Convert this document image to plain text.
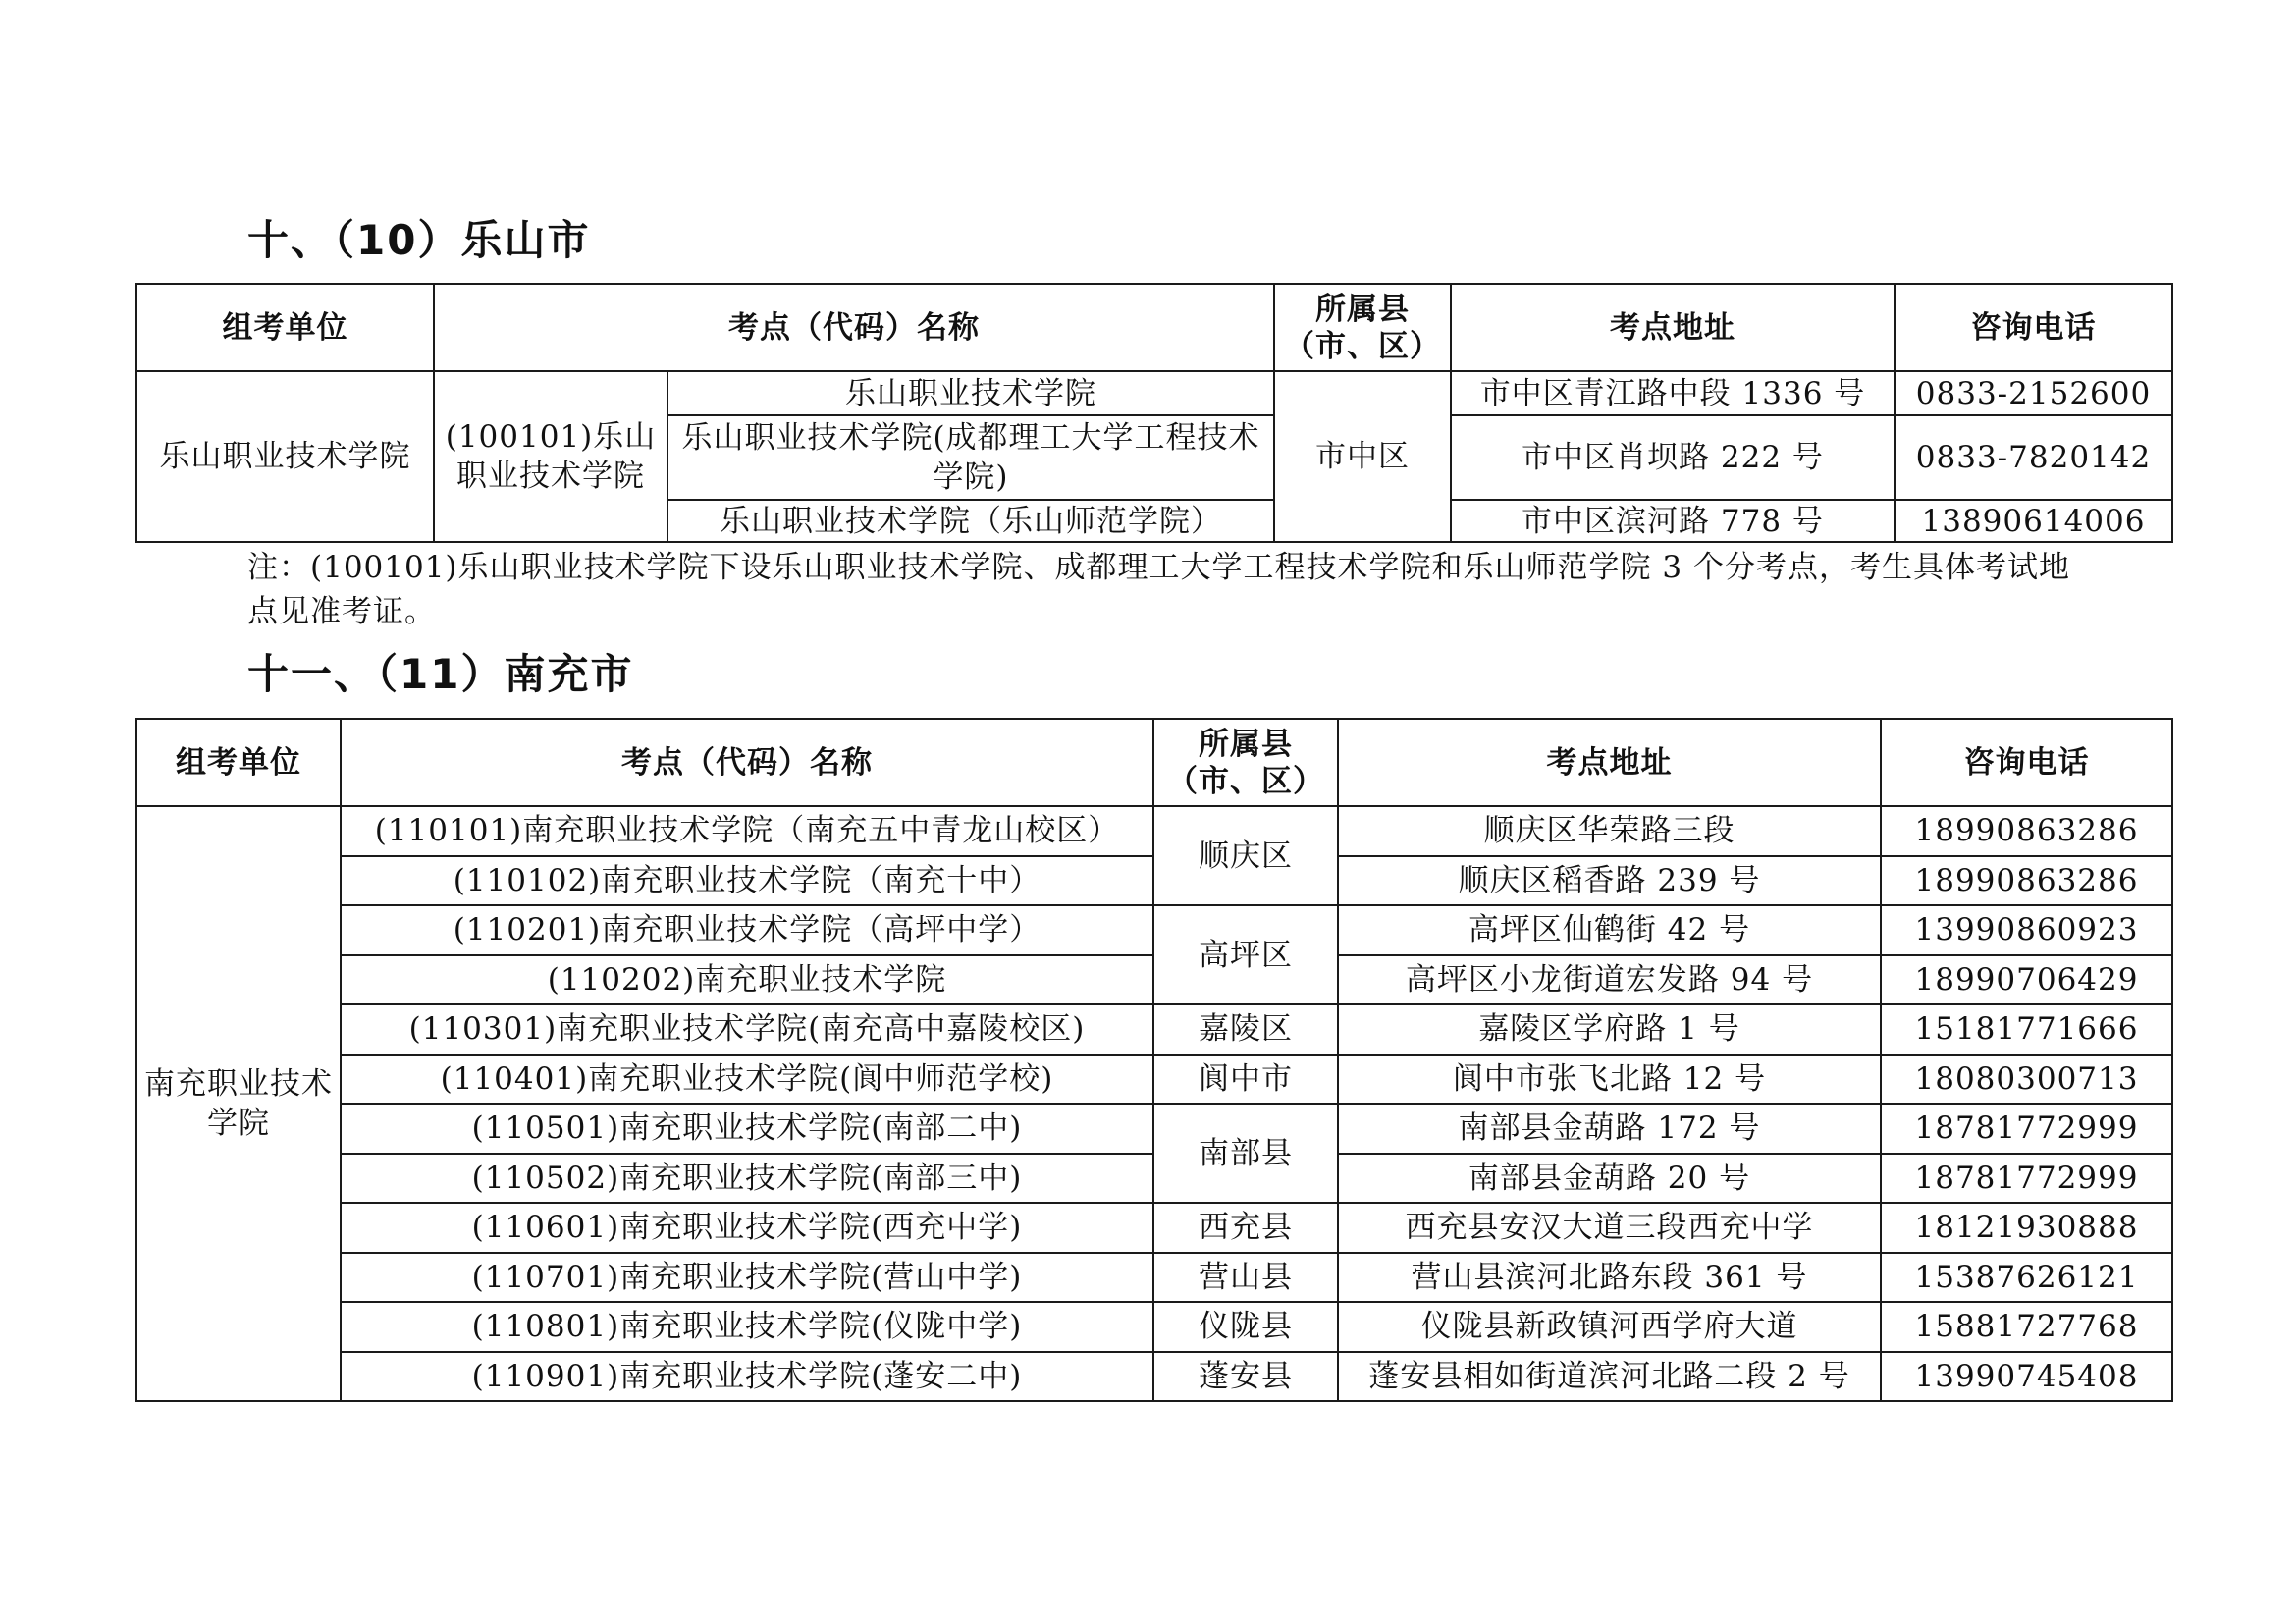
十、（10）乐山市
组考单位	考点（代码）名称		所属县（市、区）	考点地址	咨询电话
乐山职业技术学院	(100101)乐山职业技术学院	乐山职业技术学院	市中区	市中区青江路中段 1336 号	0833-2152600
		乐山职业技术学院(成都理工大学工程技术学院)		市中区肖坝路 222 号	0833-7820142
		乐山职业技术学院（乐山师范学院）		市中区滨河路 778 号	13890614006
注：(100101)乐山职业技术学院下设乐山职业技术学院、成都理工大学工程技术学院和乐山师范学院 3 个分考点，考生具体考试地点见准考证。
十一、（11）南充市
组考单位	考点（代码）名称	所属县（市、区）	考点地址	咨询电话
南充职业技术学院	(110101)南充职业技术学院（南充五中青龙山校区）	顺庆区	顺庆区华荣路三段	18990863286
	(110102)南充职业技术学院（南充十中）		顺庆区稻香路 239 号	18990863286
	(110201)南充职业技术学院（高坪中学）	高坪区	高坪区仙鹤街 42 号	13990860923
	(110202)南充职业技术学院		高坪区小龙街道宏发路 94 号	18990706429
	(110301)南充职业技术学院(南充高中嘉陵校区)	嘉陵区	嘉陵区学府路 1 号	15181771666
	(110401)南充职业技术学院(阆中师范学校)	阆中市	阆中市张飞北路 12 号	18080300713
	(110501)南充职业技术学院(南部二中)	南部县	南部县金葫路 172 号	18781772999
	(110502)南充职业技术学院(南部三中)		南部县金葫路 20 号	18781772999
	(110601)南充职业技术学院(西充中学)	西充县	西充县安汉大道三段西充中学	18121930888
	(110701)南充职业技术学院(营山中学)	营山县	营山县滨河北路东段 361 号	15387626121
	(110801)南充职业技术学院(仪陇中学)	仪陇县	仪陇县新政镇河西学府大道	15881727768
	(110901)南充职业技术学院(蓬安二中)	蓬安县	蓬安县相如街道滨河北路二段 2 号	13990745408
